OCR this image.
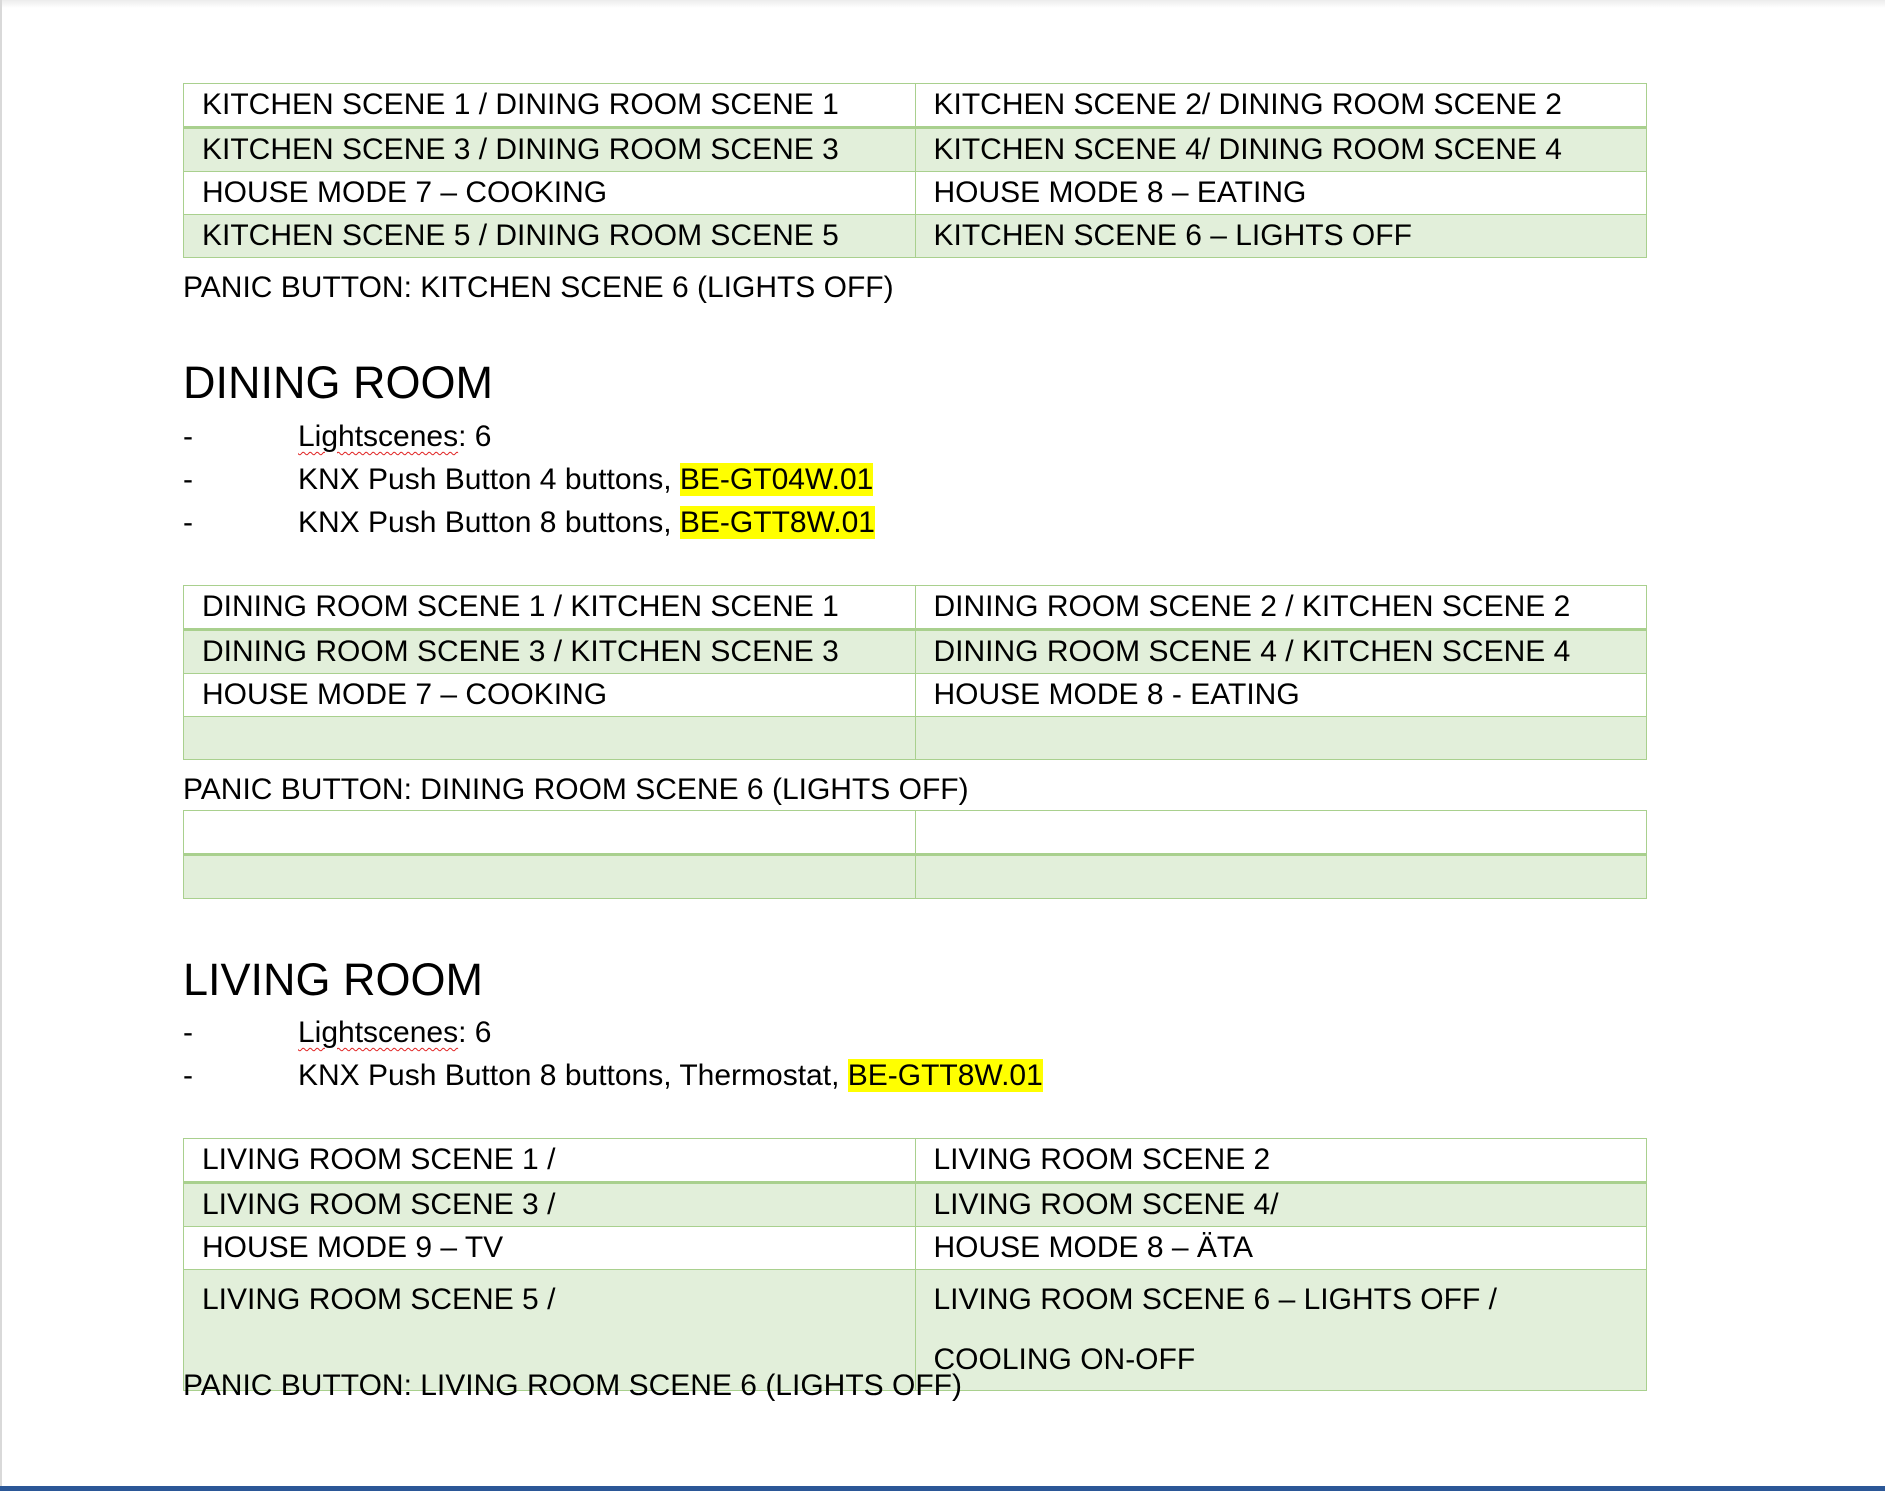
KITCHEN SCENE 1 / DINING ROOM SCENE 1	KITCHEN SCENE 2/ DINING ROOM SCENE 2
KITCHEN SCENE 3 / DINING ROOM SCENE 3	KITCHEN SCENE 4/ DINING ROOM SCENE 4
HOUSE MODE 7 – COOKING	HOUSE MODE 8 – EATING
KITCHEN SCENE 5 / DINING ROOM SCENE 5	KITCHEN SCENE 6 – LIGHTS OFF
PANIC BUTTON: KITCHEN SCENE 6 (LIGHTS OFF)
DINING ROOM
-	Lightscenes: 6
-	KNX Push Button 4 buttons, BE-GT04W.01
-	KNX Push Button 8 buttons, BE-GTT8W.01
DINING ROOM SCENE 1 / KITCHEN SCENE 1	DINING ROOM SCENE 2 / KITCHEN SCENE 2
DINING ROOM SCENE 3 / KITCHEN SCENE 3	DINING ROOM SCENE 4 / KITCHEN SCENE 4
HOUSE MODE 7 – COOKING	HOUSE MODE 8 - EATING

PANIC BUTTON: DINING ROOM SCENE 6 (LIGHTS OFF)

LIVING ROOM
-	Lightscenes: 6
-	KNX Push Button 8 buttons, Thermostat, BE-GTT8W.01
LIVING ROOM SCENE 1 /	LIVING ROOM SCENE 2
LIVING ROOM SCENE 3 /	LIVING ROOM SCENE 4/
HOUSE MODE 9 – TV	HOUSE MODE 8 – ÄTA
LIVING ROOM SCENE 5 /	LIVING ROOM SCENE 6 – LIGHTS OFF / COOLING ON-OFF
PANIC BUTTON: LIVING ROOM SCENE 6 (LIGHTS OFF)
